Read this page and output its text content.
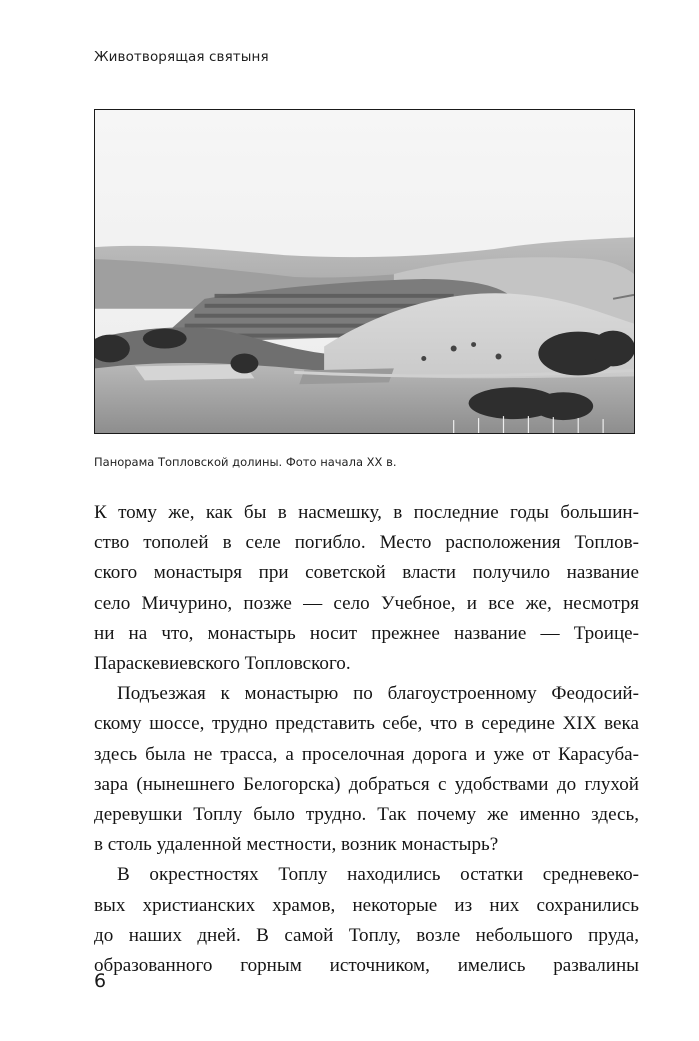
Животворящая святыня
Панорама Топловской долины. Фото начала XX в.

К тому же, как бы в насмешку, в последние годы большин-
ство тополей в селе погибло. Место расположения Топлов-
ского монастыря при советской власти получило название
село Мичурино, позже — село Учебное, и все же, несмотря
ни на что, монастырь носит прежнее название — Троице-
Параскевиевского Топловского.

Подъезжая к монастырю по благоустроенному Феодосий-
скому шоссе, трудно представить себе, что в середине XIX века
здесь была не трасса, а проселочная дорога и уже от Карасуба-
зара (нынешнего Белогорска) добраться с удобствами до глухой
деревушки Топлу было трудно. Так почему же именно здесь,
в столь удаленной местности, возник монастырь?

В окрестностях Топлу находились остатки средневеко-
вых христианских храмов, некоторые из них сохранились
до наших дней. В самой Топлу, возле небольшого пруда,
образованного горным источником, имелись развалины

6
